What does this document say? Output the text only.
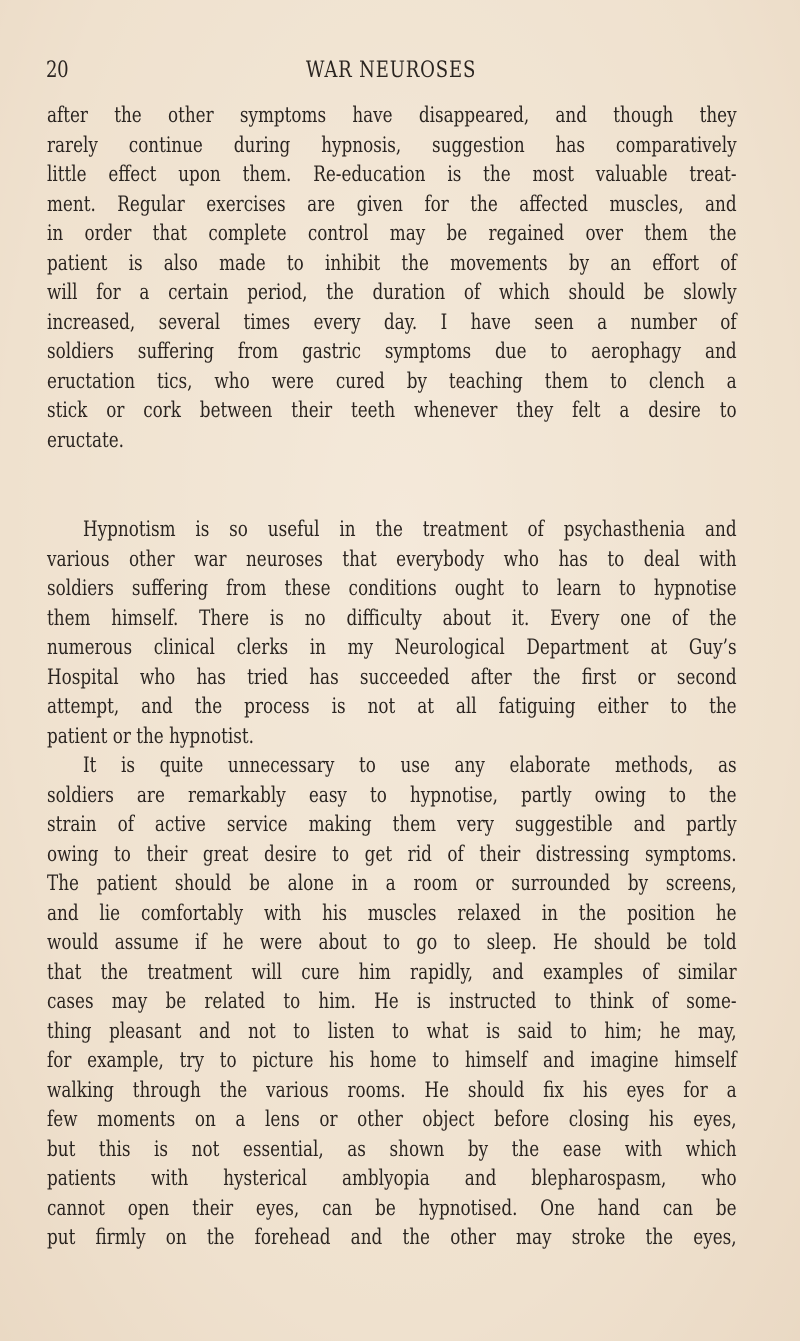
20	WAR NEUROSES
after the other symptoms have disappeared, and though they
rarely continue during hypnosis, suggestion has comparatively
little effect upon them. Re-education is the most valuable treat-
ment. Regular exercises are given for the affected muscles, and
in order that complete control may be regained over them the
patient is also made to inhibit the movements by an effort of
will for a certain period, the duration of which should be slowly
increased, several times every day. I have seen a number of
soldiers suffering from gastric symptoms due to aerophagy and
eructation tics, who were cured by teaching them to clench a
stick or cork between their teeth whenever they felt a desire to
eructate.
Hypnotism is so useful in the treatment of psychasthenia and
various other war neuroses that everybody who has to deal with
soldiers suffering from these conditions ought to learn to hypnotise
them himself. There is no difficulty about it. Every one of the
numerous clinical clerks in my Neurological Department at Guy’s
Hospital who has tried has succeeded after the first or second
attempt, and the process is not at all fatiguing either to the
patient or the hypnotist.
It is quite unnecessary to use any elaborate methods, as
soldiers are remarkably easy to hypnotise, partly owing to the
strain of active service making them very suggestible and partly
owing to their great desire to get rid of their distressing symptoms.
The patient should be alone in a room or surrounded by screens,
and lie comfortably with his muscles relaxed in the position he
would assume if he were about to go to sleep. He should be told
that the treatment will cure him rapidly, and examples of similar
cases may be related to him. He is instructed to think of some-
thing pleasant and not to listen to what is said to him; he may,
for example, try to picture his home to himself and imagine himself
walking through the various rooms. He should fix his eyes for a
few moments on a lens or other object before closing his eyes,
but this is not essential, as shown by the ease with which
patients with hysterical amblyopia and blepharospasm, who
cannot open their eyes, can be hypnotised. One hand can be
put firmly on the forehead and the other may stroke the eyes,
